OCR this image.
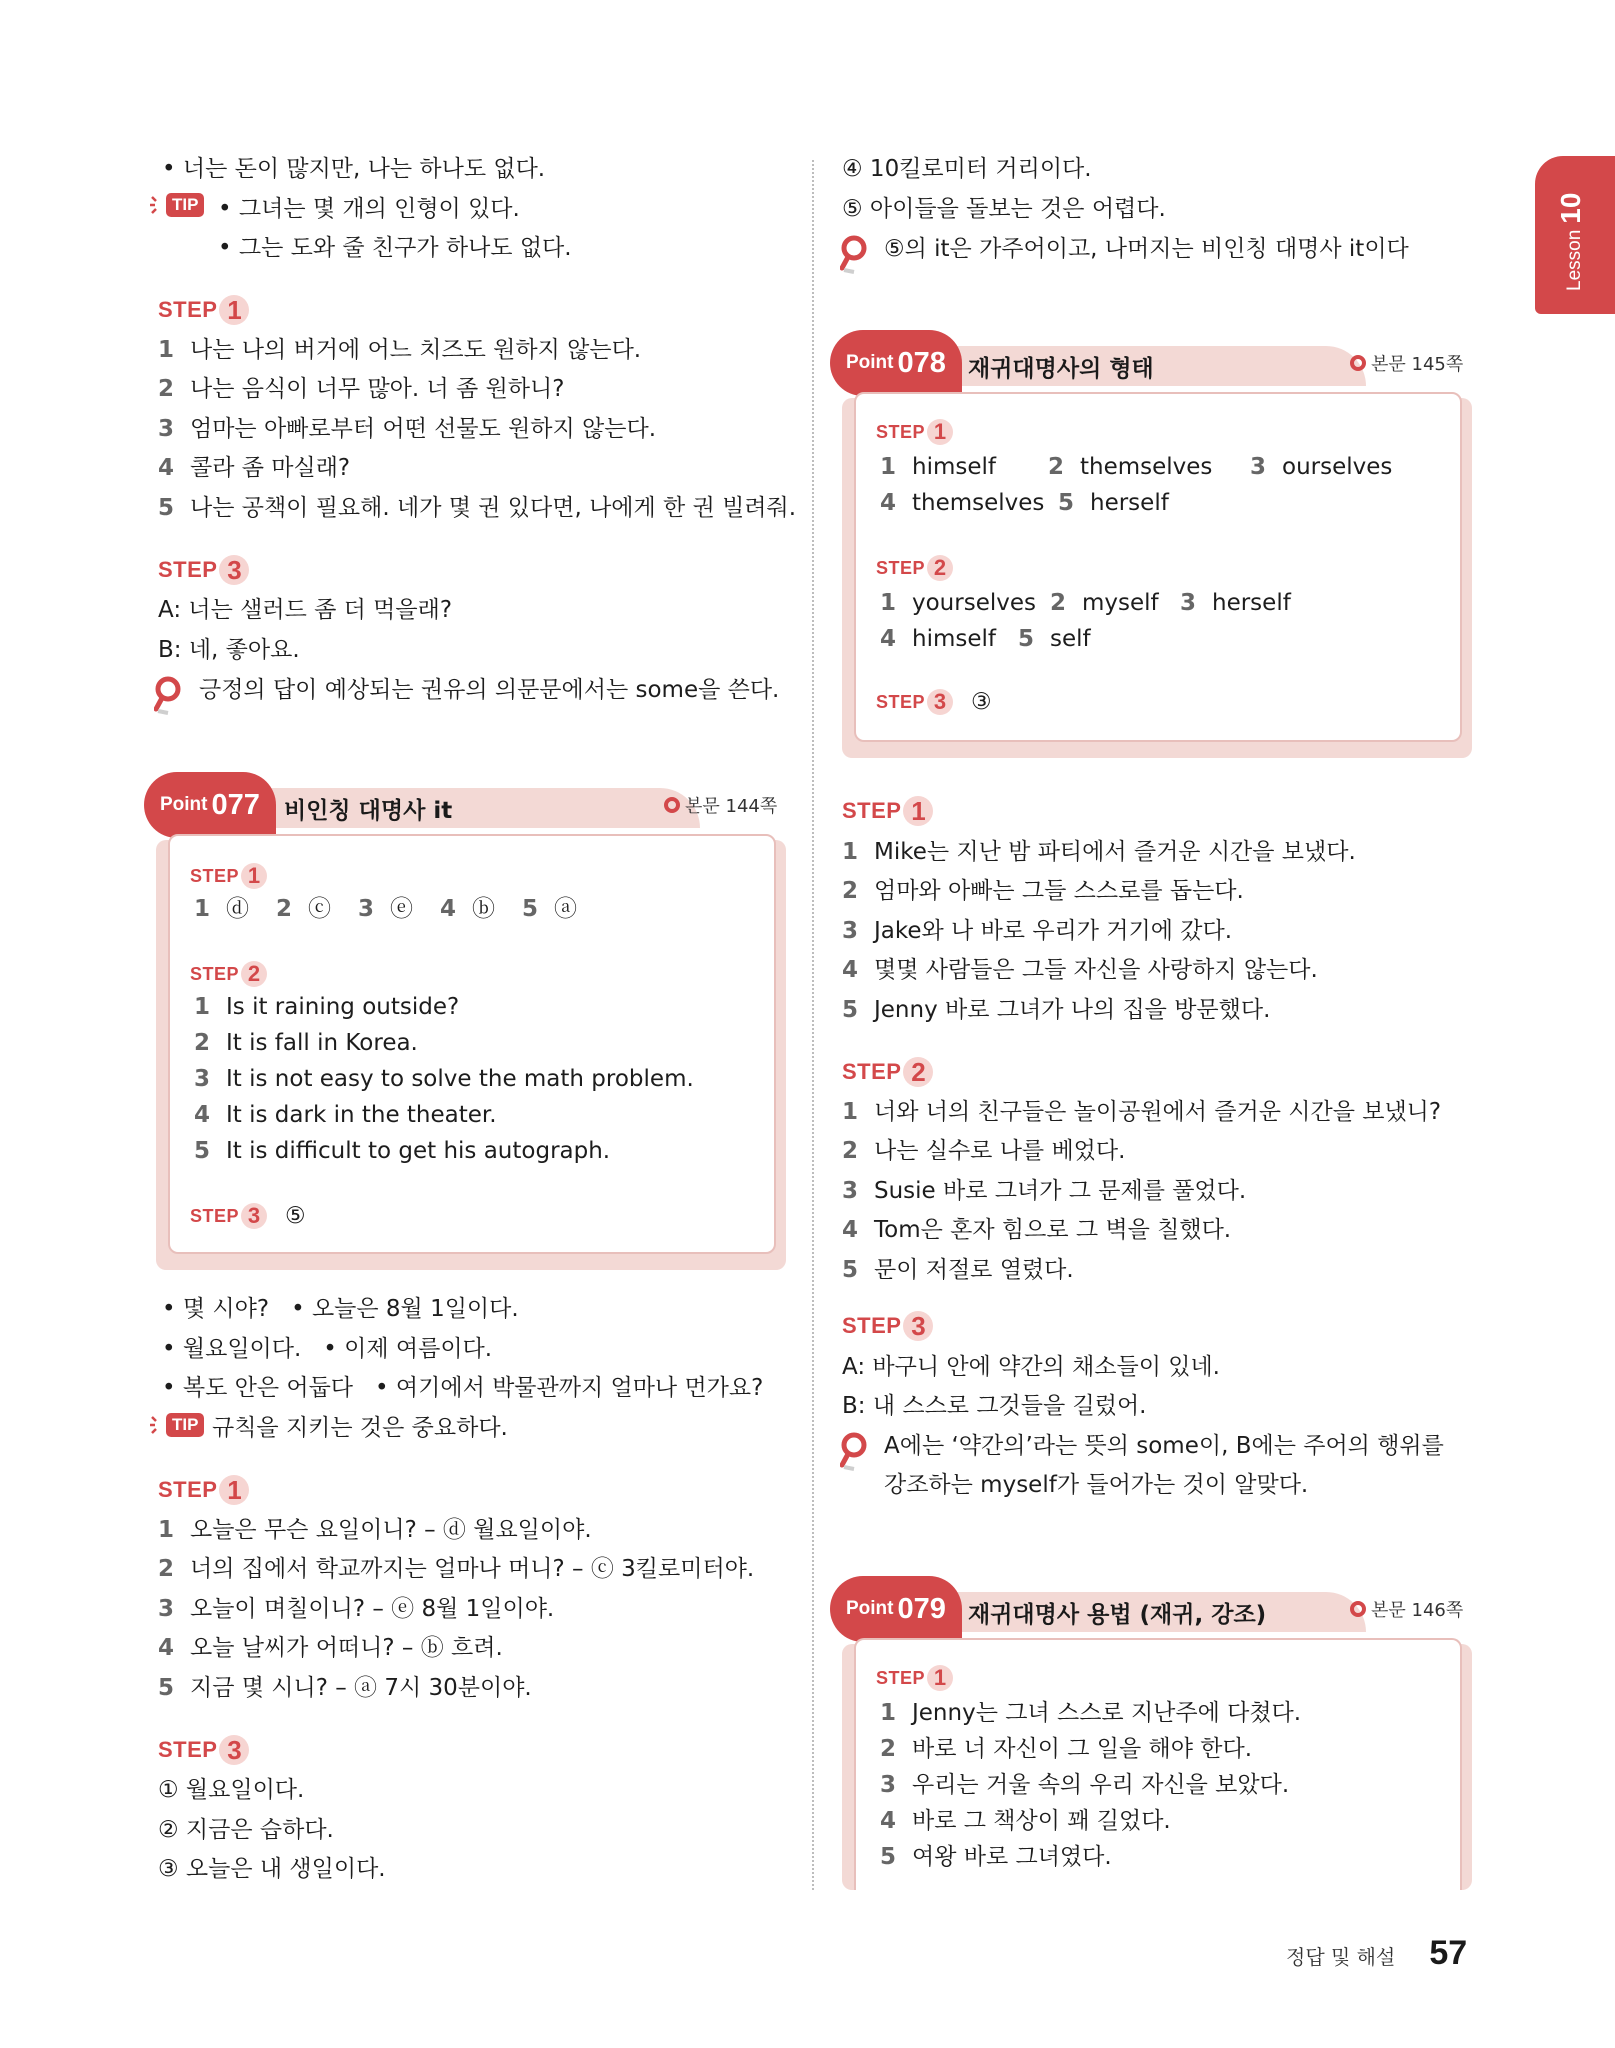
Lesson
10
• 너는 돈이 많지만, 나는 하나도 없다.
TIP • 그녀는 몇 개의 인형이 있다.
• 그는 도와 줄 친구가 하나도 없다.
STEP 1
1 나는 나의 버거에 어느 치즈도 원하지 않는다.
2 나는 음식이 너무 많아. 너 좀 원하니?
3 엄마는 아빠로부터 어떤 선물도 원하지 않는다.
4 콜라 좀 마실래?
5 나는 공책이 필요해. 네가 몇 권 있다면, 나에게 한 권 빌려줘.
STEP 3
A: 너는 샐러드 좀 더 먹을래?
B: 네, 좋아요.
긍정의 답이 예상되는 권유의 의문문에서는 some을 쓴다.
Point 077 비인칭 대명사 it	본문 144쪽
STEP 1
1 ⓓ 2 ⓒ 3 ⓔ 4 ⓑ 5 ⓐ
STEP 2
1 Is it raining outside?
2 It is fall in Korea.
3 It is not easy to solve the math problem.
4 It is dark in the theater.
5 It is difficult to get his autograph.
STEP 3 ⑤
• 몇 시야? • 오늘은 8월 1일이다.
• 월요일이다. • 이제 여름이다.
• 복도 안은 어둡다 • 여기에서 박물관까지 얼마나 먼가요?
TIP 규칙을 지키는 것은 중요하다.
STEP 1
1 오늘은 무슨 요일이니? – ⓓ 월요일이야.
2 너의 집에서 학교까지는 얼마나 머니? – ⓒ 3킬로미터야.
3 오늘이 며칠이니? – ⓔ 8월 1일이야.
4 오늘 날씨가 어떠니? – ⓑ 흐려.
5 지금 몇 시니? – ⓐ 7시 30분이야.
STEP 3
① 월요일이다.
② 지금은 습하다.
③ 오늘은 내 생일이다.
④ 10킬로미터 거리이다.
⑤ 아이들을 돌보는 것은 어렵다.
⑤의 it은 가주어이고, 나머지는 비인칭 대명사 it이다
Point 078 재귀대명사의 형태	본문 145쪽
STEP 1
1 himself 2 themselves 3 ourselves
4 themselves 5 herself
STEP 2
1 yourselves 2 myself 3 herself
4 himself 5 self
STEP 3 ③
STEP 1
1 Mike는 지난 밤 파티에서 즐거운 시간을 보냈다.
2 엄마와 아빠는 그들 스스로를 돕는다.
3 Jake와 나 바로 우리가 거기에 갔다.
4 몇몇 사람들은 그들 자신을 사랑하지 않는다.
5 Jenny 바로 그녀가 나의 집을 방문했다.
STEP 2
1 너와 너의 친구들은 놀이공원에서 즐거운 시간을 보냈니?
2 나는 실수로 나를 베었다.
3 Susie 바로 그녀가 그 문제를 풀었다.
4 Tom은 혼자 힘으로 그 벽을 칠했다.
5 문이 저절로 열렸다.
STEP 3
A: 바구니 안에 약간의 채소들이 있네.
B: 내 스스로 그것들을 길렀어.
A에는 ‘약간의’라는 뜻의 some이, B에는 주어의 행위를
강조하는 myself가 들어가는 것이 알맞다.
Point 079 재귀대명사 용법 (재귀, 강조)	본문 146쪽
STEP 1
1 Jenny는 그녀 스스로 지난주에 다쳤다.
2 바로 너 자신이 그 일을 해야 한다.
3 우리는 거울 속의 우리 자신을 보았다.
4 바로 그 책상이 꽤 길었다.
5 여왕 바로 그녀였다.
정답 및 해설 57
